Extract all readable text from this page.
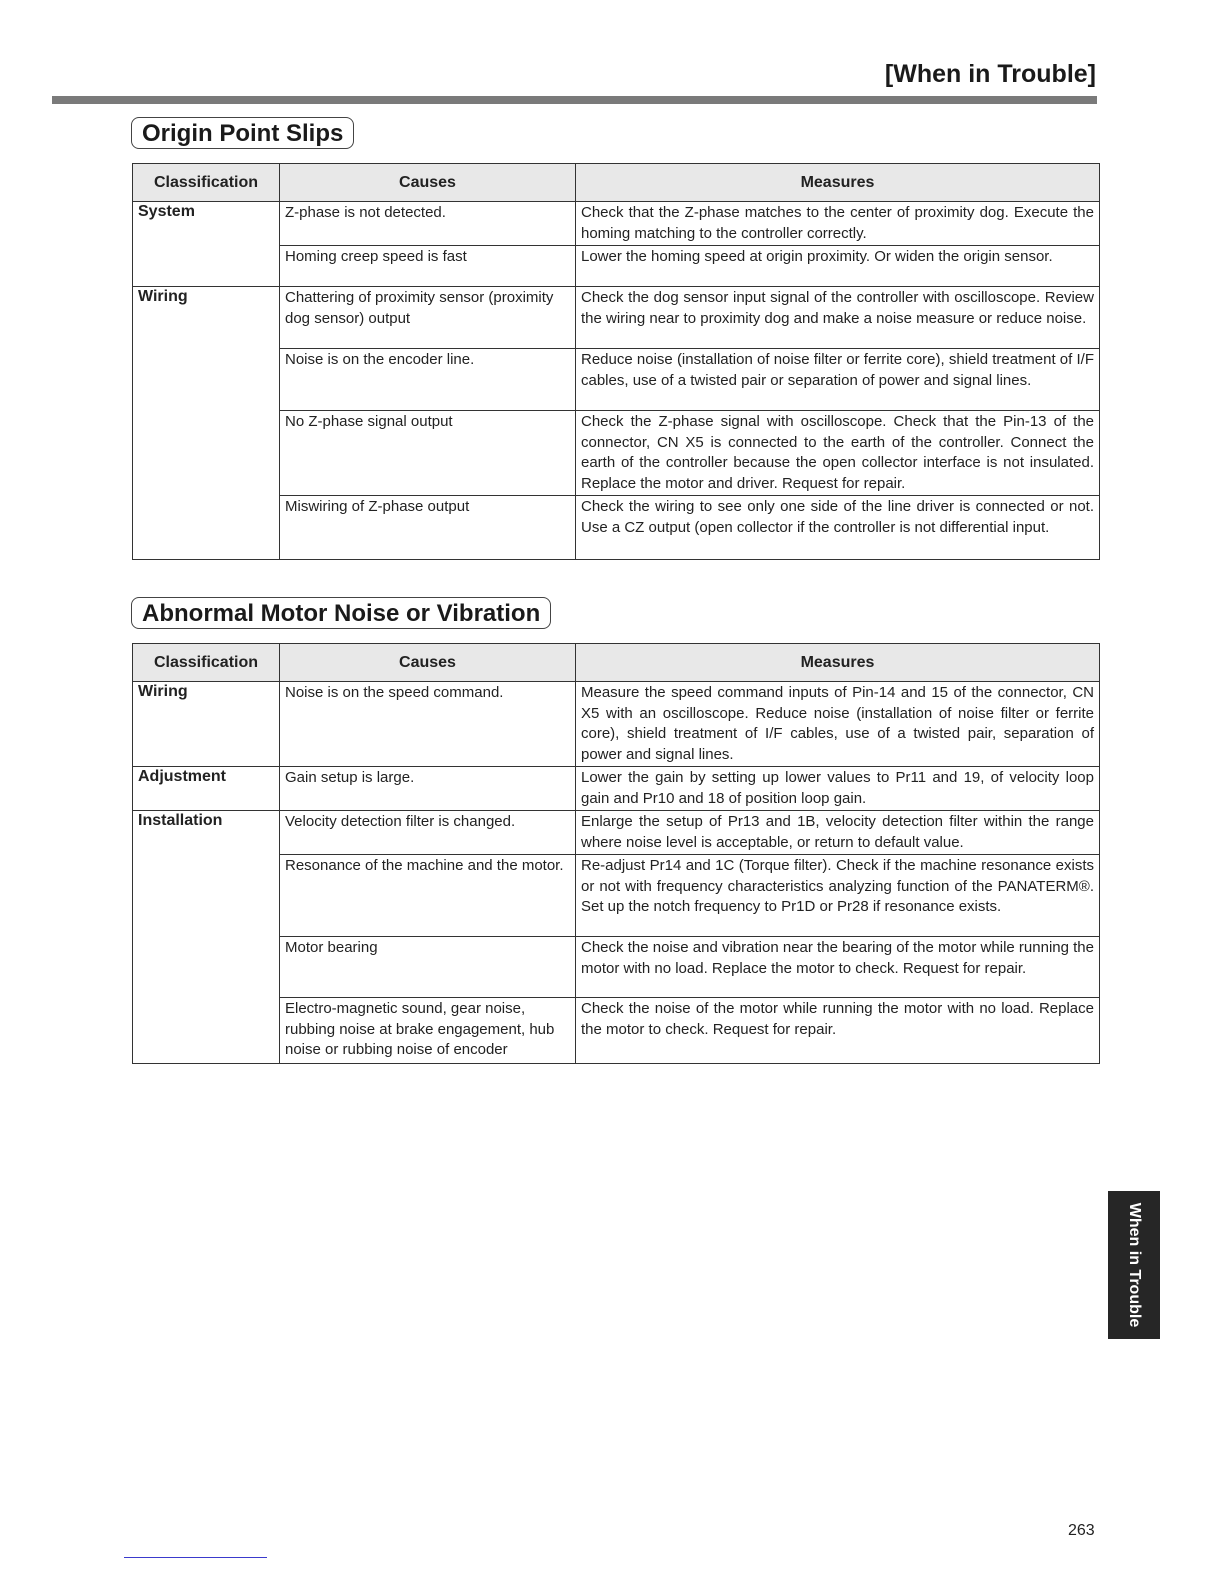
[When in Trouble]
Origin Point Slips
Classification	Causes	Measures
System	Z-phase is not detected.	Check that the Z-phase matches to the center of proximity dog. Execute the homing matching to the controller correctly.
	Homing creep speed is fast	Lower the homing speed at origin proximity. Or widen the origin sensor.
Wiring	Chattering of proximity sensor (proximity dog sensor) output	Check the dog sensor input signal of the controller with oscilloscope. Review the wiring near to proximity dog and make a noise measure or reduce noise.
	Noise is on the encoder line.	Reduce noise (installation of noise filter or ferrite core), shield treatment of I/F cables, use of a twisted pair or separation of power and signal lines.
	No Z-phase signal output	Check the Z-phase signal with oscilloscope. Check that the Pin-13 of the connector, CN X5 is connected to the earth of the controller. Connect the earth of the controller because the open collector interface is not insulated. Replace the motor and driver. Request for repair.
	Miswiring of Z-phase output	Check the wiring to see only one side of the line driver is connected or not. Use a CZ output (open collector if the controller is not differential input.
Abnormal Motor Noise or Vibration
Classification	Causes	Measures
Wiring	Noise is on the speed command.	Measure the speed command inputs of Pin-14 and 15 of the connector, CN X5 with an oscilloscope. Reduce noise (installation of noise filter or ferrite core), shield treatment of I/F cables, use of a twisted pair, separation of power and signal lines.
Adjustment	Gain setup is large.	Lower the gain by setting up lower values to Pr11 and 19, of velocity loop gain and Pr10 and 18 of position loop gain.
Installation	Velocity detection filter is changed.	Enlarge the setup of Pr13 and 1B, velocity detection filter within the range where noise level is acceptable, or return to default value.
	Resonance of the machine and the motor.	Re-adjust Pr14 and 1C (Torque filter). Check if the machine resonance exists or not with frequency characteristics analyzing function of the PANATERM®. Set up the notch frequency to Pr1D or Pr28 if resonance exists.
	Motor bearing	Check the noise and vibration near the bearing of the motor while running the motor with no load. Replace the motor to check. Request for repair.
	Electro-magnetic sound, gear noise, rubbing noise at brake engagement, hub noise or rubbing noise of encoder	Check the noise of the motor while running the motor with no load. Replace the motor to check. Request for repair.
When in Trouble
263
